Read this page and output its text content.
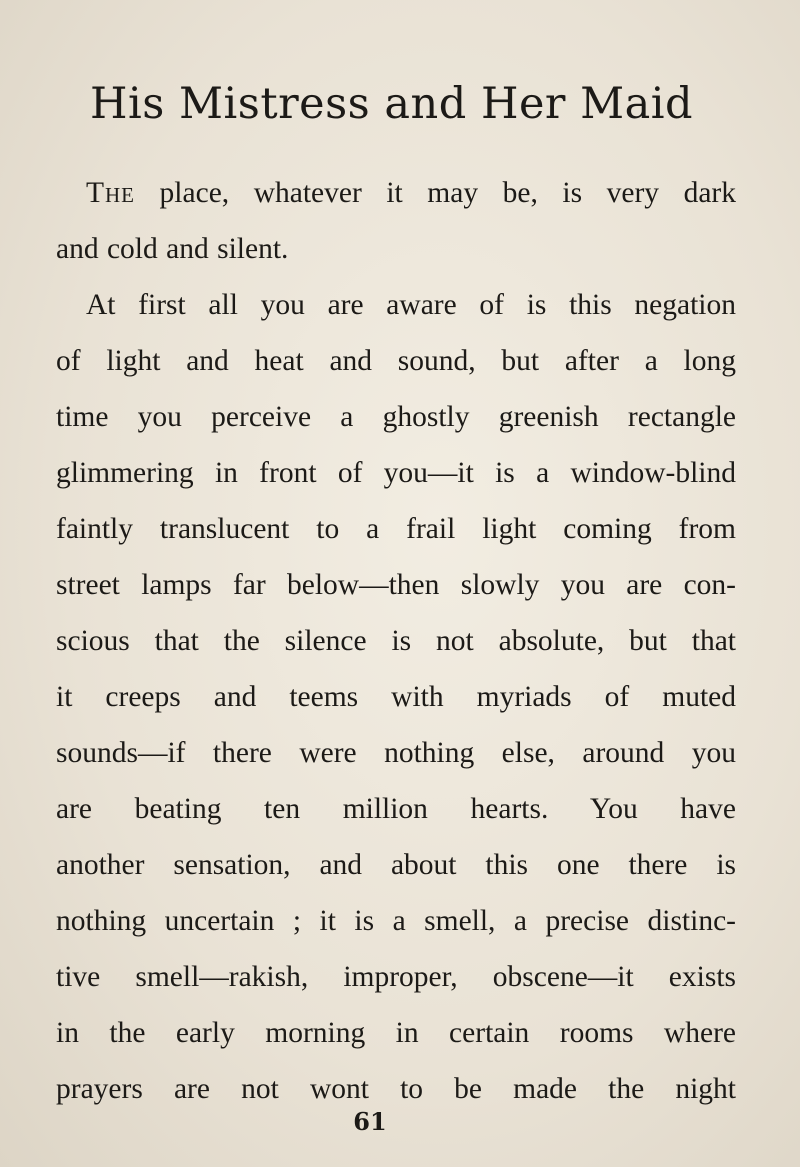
His Mistress and Her Maid
The place, whatever it may be, is very dark
and cold and silent.
At first all you are aware of is this negation
of light and heat and sound, but after a long
time you perceive a ghostly greenish rectangle
glimmering in front of you—it is a window-blind
faintly translucent to a frail light coming from
street lamps far below—then slowly you are con-
scious that the silence is not absolute, but that
it creeps and teems with myriads of muted
sounds—if there were nothing else, around you
are beating ten million hearts. You have
another sensation, and about this one there is
nothing uncertain ; it is a smell, a precise distinc-
tive smell—rakish, improper, obscene—it exists
in the early morning in certain rooms where
prayers are not wont to be made the night
61
